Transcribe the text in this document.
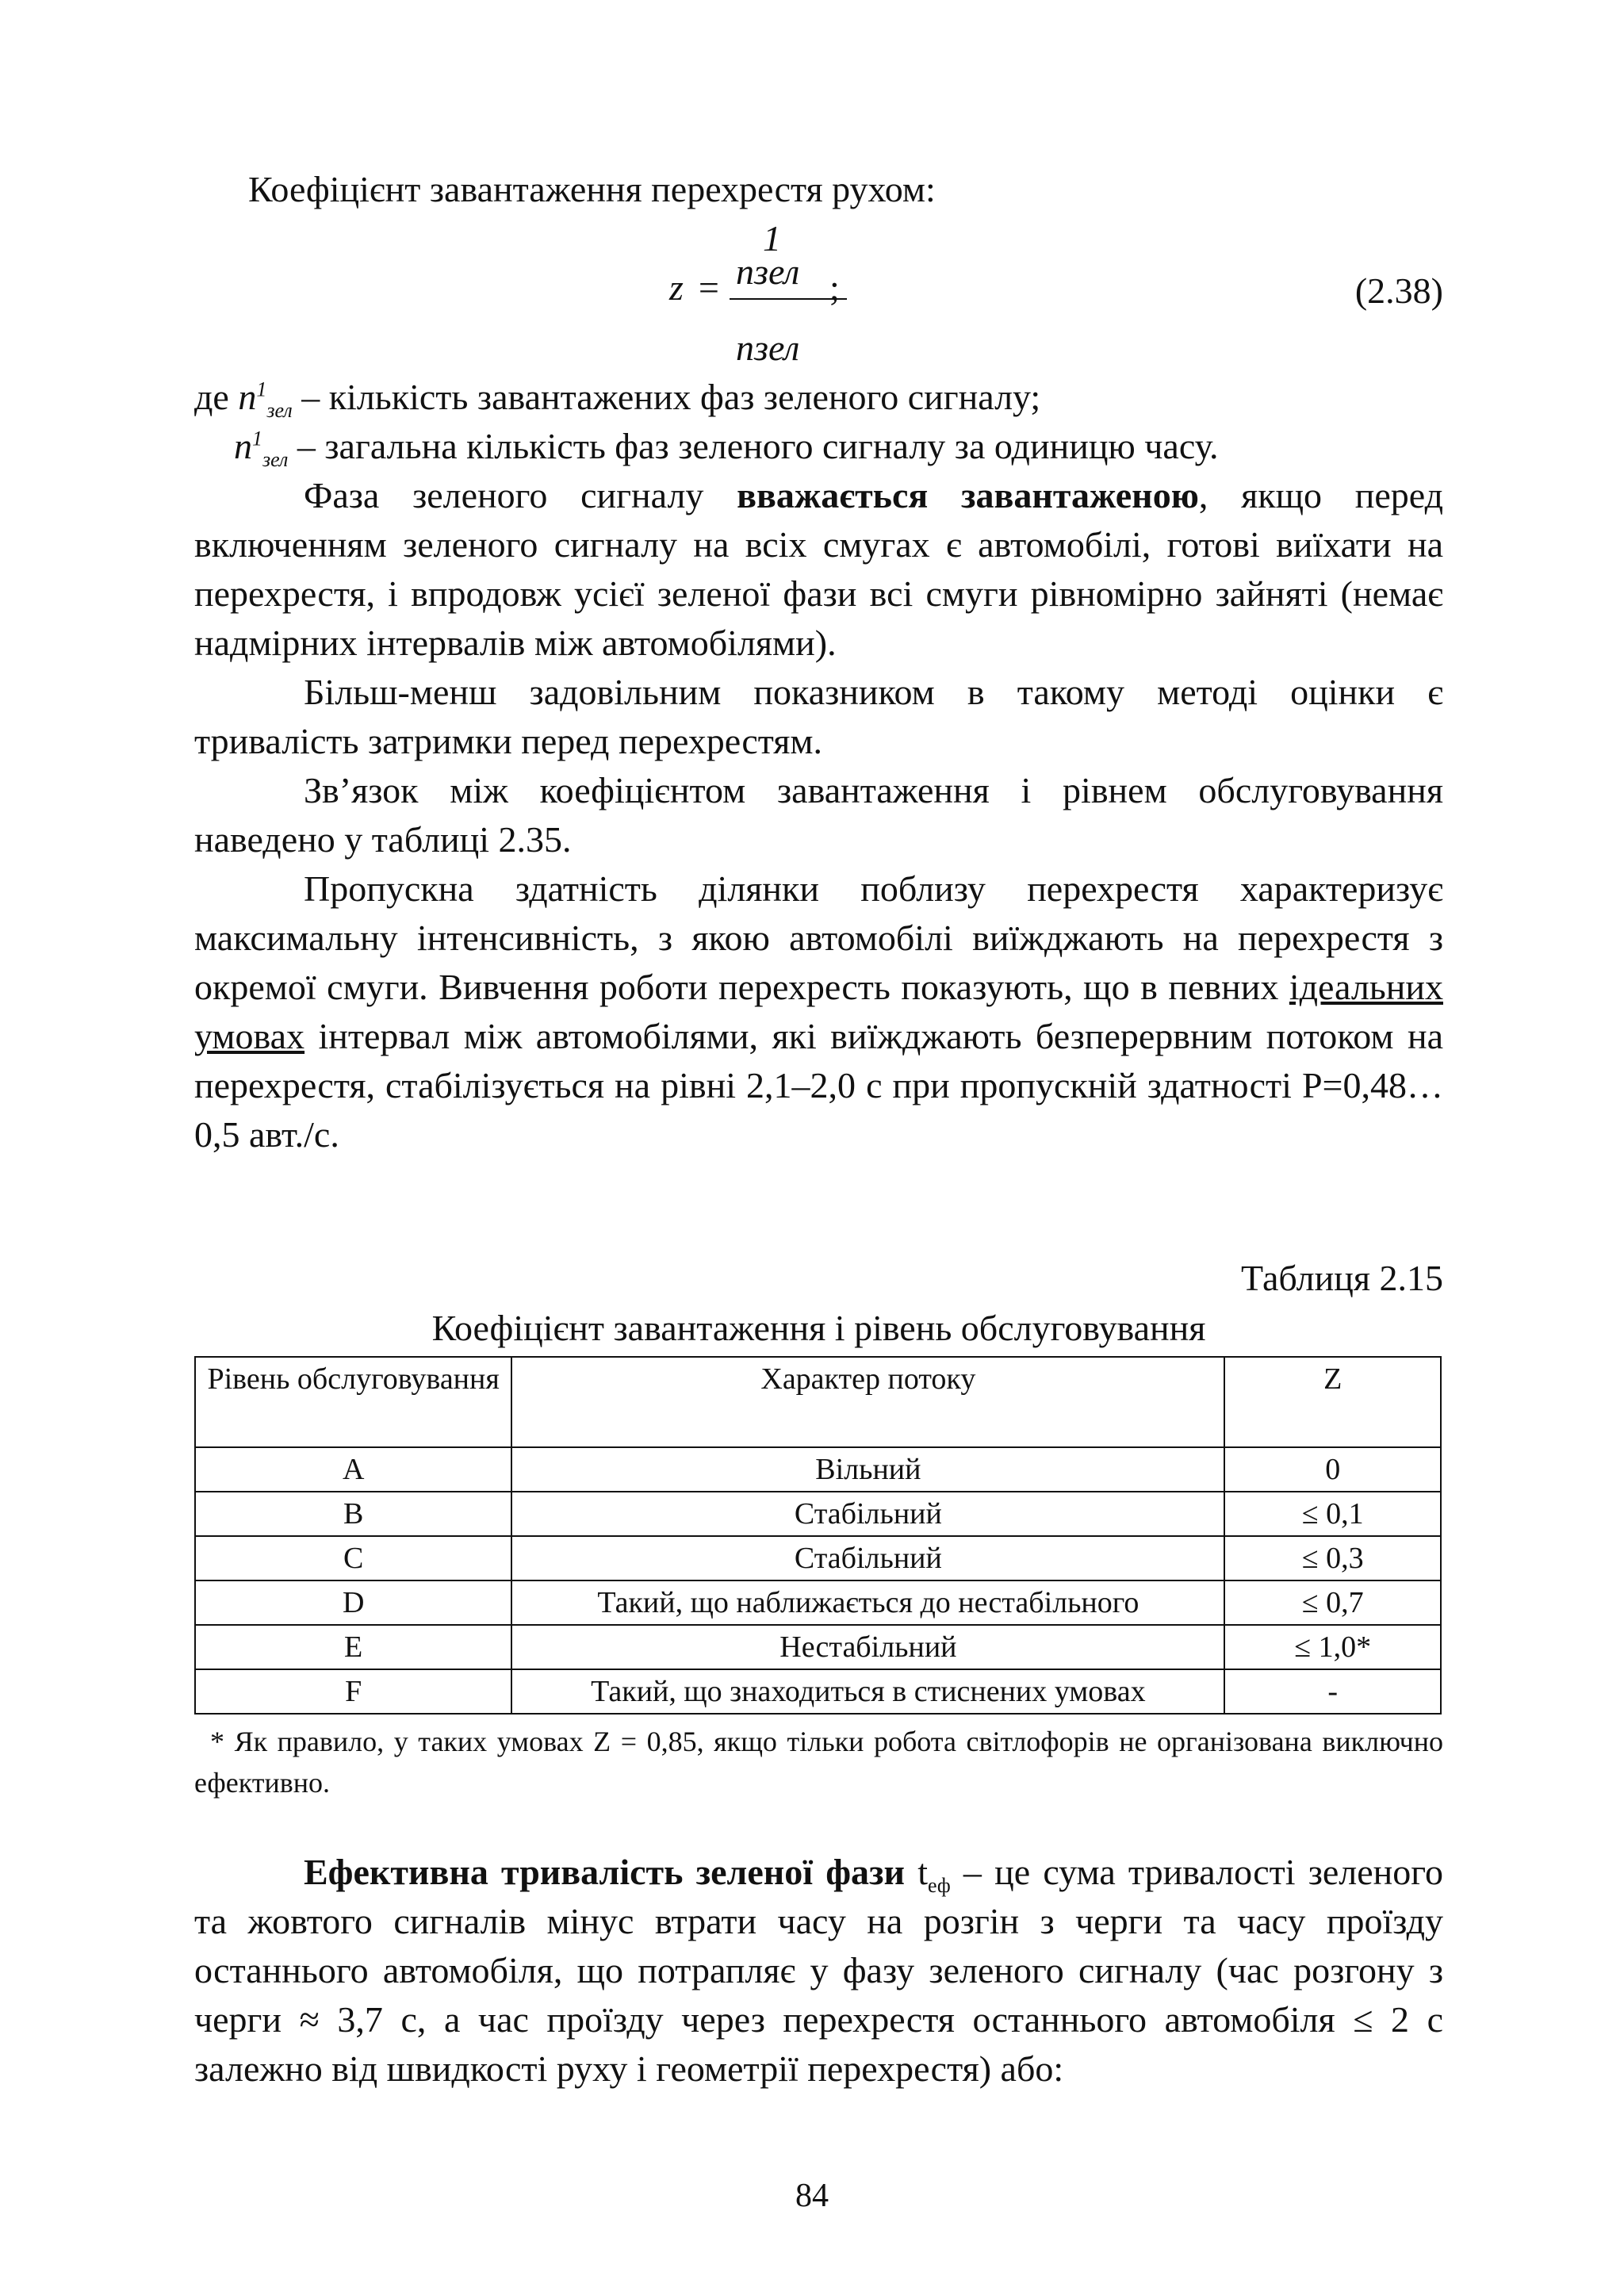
Коефіцієнт завантаження перехрестя рухом:
z =
1
nзел ;
nзел
(2.38)
де $n^1_{зел}$ – кількість завантажених фаз зеленого сигналу;
$n^1_{зел}$ – загальна кількість фаз зеленого сигналу за одиницю часу.

Фаза зеленого сигналу вважається завантаженою, якщо перед включенням зеленого сигналу на всіх смугах є автомобілі, готові виїхати на перехрестя, і впродовж усієї зеленої фази всі смуги рівномірно зайняті (немає надмірних інтервалів між автомобілями).

Більш-менш задовільним показником в такому методі оцінки є тривалість затримки перед перехрестям.

Зв’язок між коефіцієнтом завантаження і рівнем обслуговування наведено у таблиці 2.35.

Пропускна здатність ділянки поблизу перехрестя характеризує максимальну інтенсивність, з якою автомобілі виїжджають на перехрестя з окремої смуги. Вивчення роботи перехресть показують, що в певних ідеальних умовах інтервал між автомобілями, які виїжджають безперервним потоком на перехрестя, стабілізується на рівні 2,1–2,0 с при пропускній здатності Р=0,48…0,5 авт./с.

Таблиця 2.15
Коефіцієнт завантаження і рівень обслуговування
Рівень обслуговування	Характер потоку	Z
A	Вільний	0
B	Стабільний	≤ 0,1
C	Стабільний	≤ 0,3
D	Такий, що наближається до нестабільного	≤ 0,7
E	Нестабільний	≤ 1,0*
F	Такий, що знаходиться в стиснених умовах	-

* Як правило, у таких умовах Z = 0,85, якщо тільки робота світлофорів не організована виключно ефективно.

Ефективна тривалість зеленої фази $t_{еф}$ – це сума тривалості зеленого та жовтого сигналів мінус втрати часу на розгін з черги та часу проїзду останнього автомобіля, що потрапляє у фазу зеленого сигналу (час розгону з черги ≈ 3,7 с, а час проїзду через перехрестя останнього автомобіля ≤ 2 с залежно від швидкості руху і геометрії перехрестя) або:

84
